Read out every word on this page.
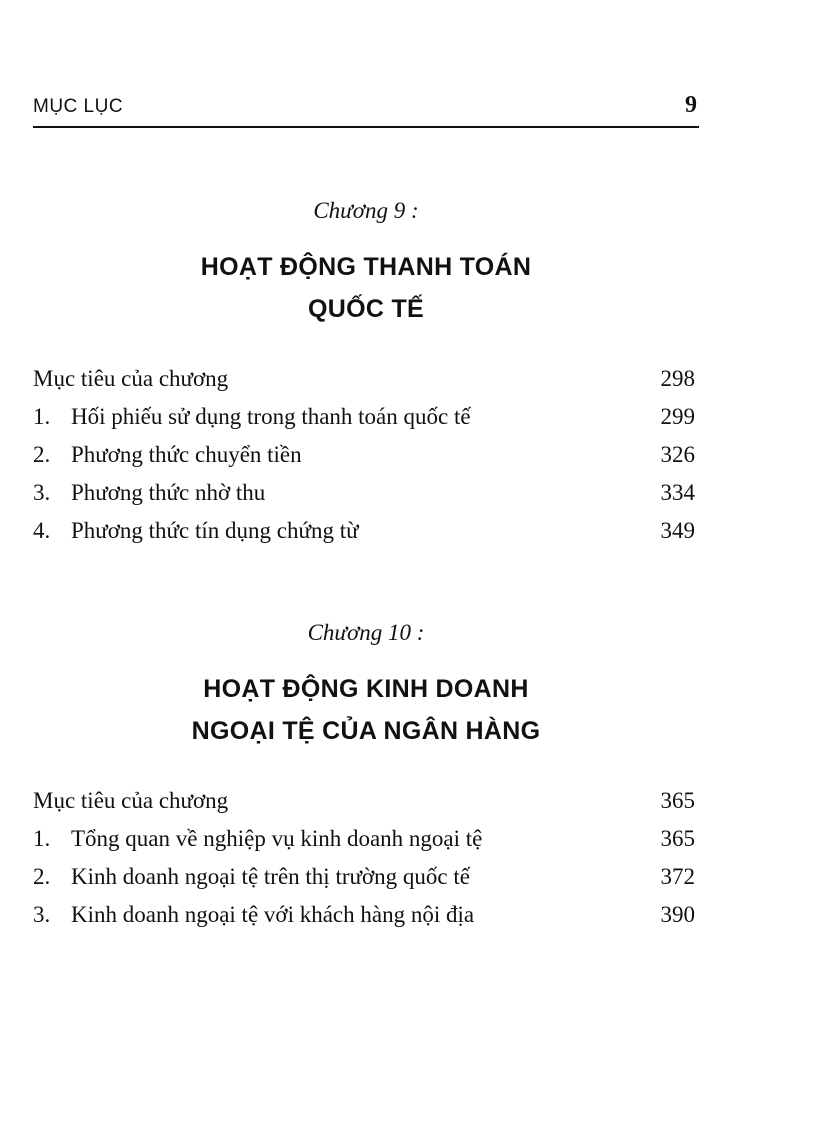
MỤC LỤC	9
Chương 9 :
HOẠT ĐỘNG THANH TOÁN
QUỐC TẾ
Mục tiêu của chương	298
1. Hối phiếu sử dụng trong thanh toán quốc tế	299
2. Phương thức chuyển tiền	326
3. Phương thức nhờ thu	334
4. Phương thức tín dụng chứng từ	349
Chương 10 :
HOẠT ĐỘNG KINH DOANH
NGOẠI TỆ CỦA NGÂN HÀNG
Mục tiêu của chương	365
1. Tổng quan về nghiệp vụ kinh doanh ngoại tệ	365
2. Kinh doanh ngoại tệ trên thị trường quốc tế	372
3. Kinh doanh ngoại tệ với khách hàng nội địa	390
